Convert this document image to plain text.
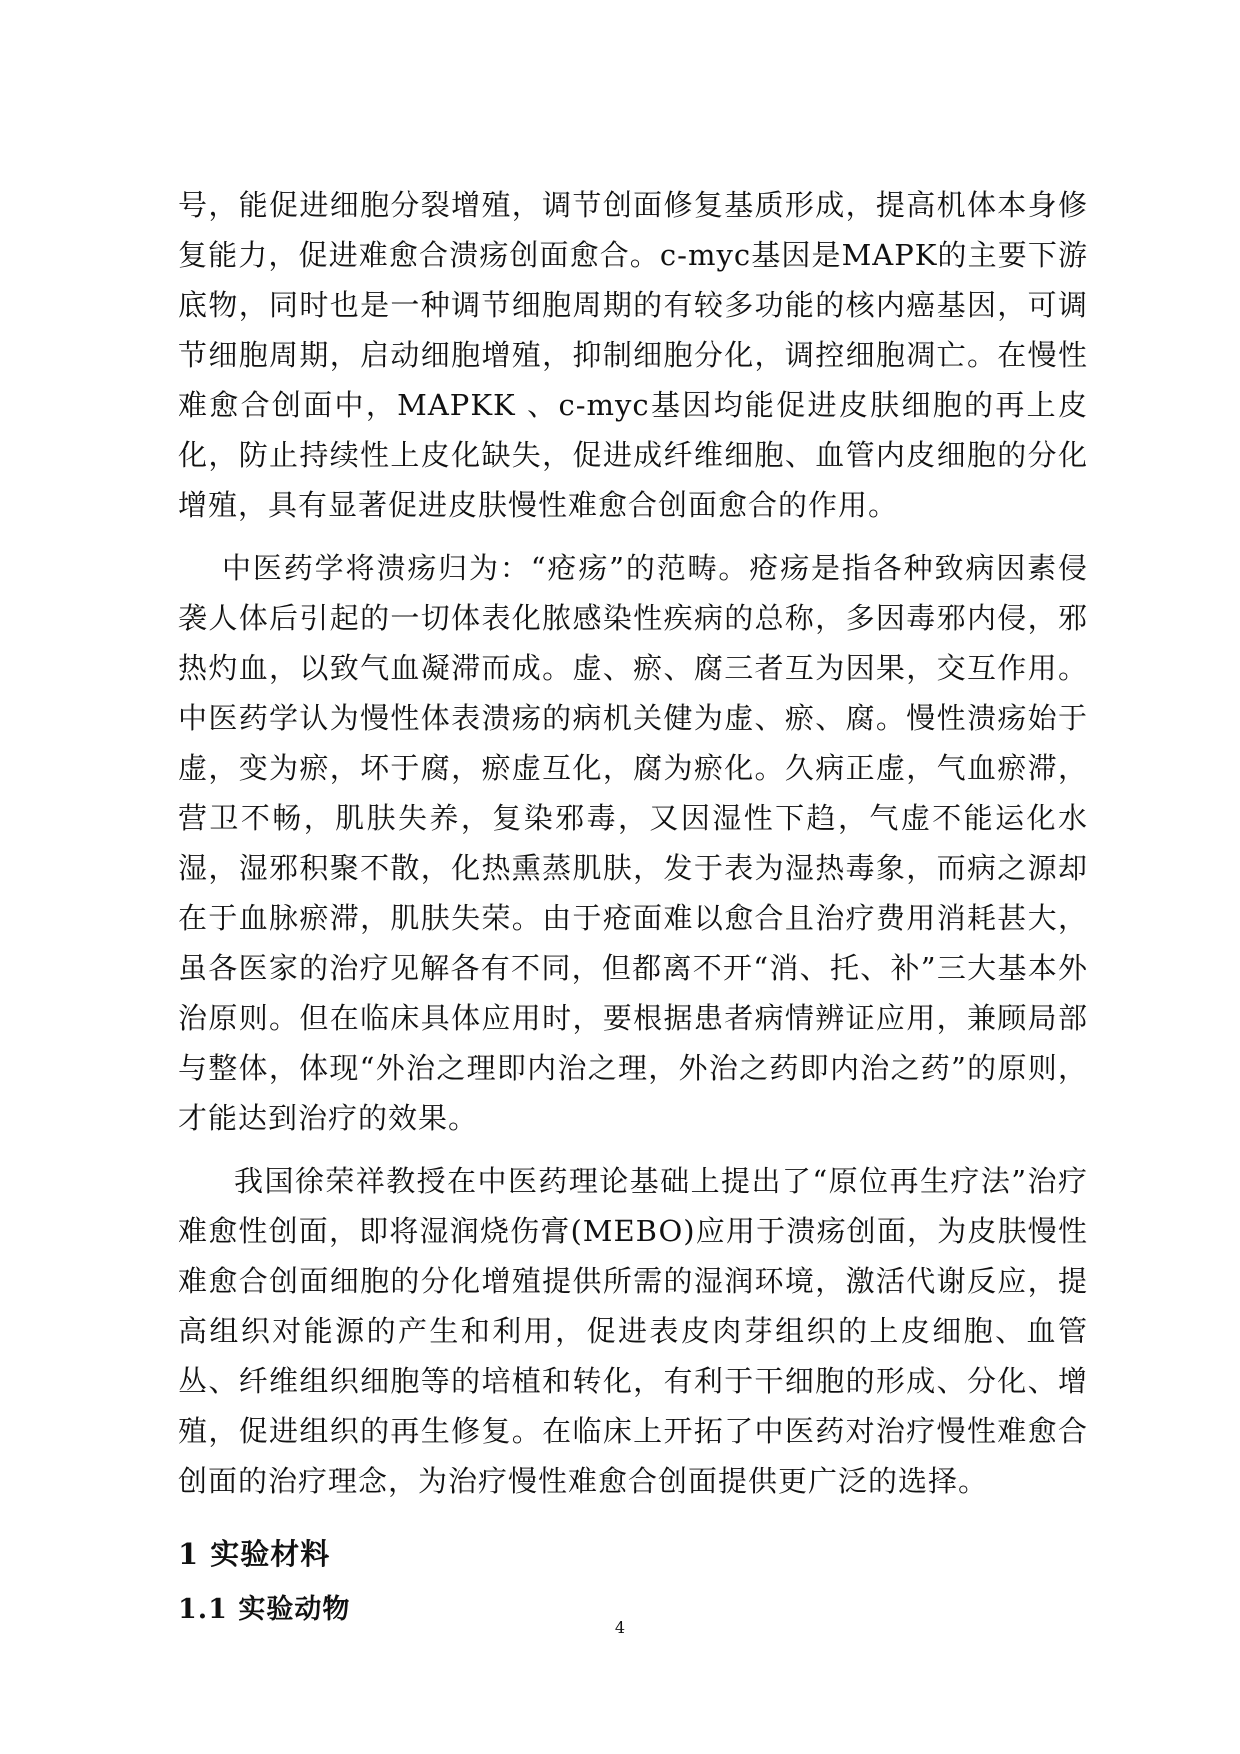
号，能促进细胞分裂增殖，调节创面修复基质形成，提高机体本身修复能力，促进难愈合溃疡创面愈合。c-myc基因是MAPK的主要下游底物，同时也是一种调节细胞周期的有较多功能的核内癌基因，可调节细胞周期，启动细胞增殖，抑制细胞分化，调控细胞凋亡。在慢性难愈合创面中，MAPKK 、c-myc基因均能促进皮肤细胞的再上皮化，防止持续性上皮化缺失，促进成纤维细胞、血管内皮细胞的分化增殖，具有显著促进皮肤慢性难愈合创面愈合的作用。

中医药学将溃疡归为：“疮疡”的范畴。疮疡是指各种致病因素侵袭人体后引起的一切体表化脓感染性疾病的总称，多因毒邪内侵，邪热灼血，以致气血凝滞而成。虚、瘀、腐三者互为因果，交互作用。中医药学认为慢性体表溃疡的病机关健为虚、瘀、腐。慢性溃疡始于虚，变为瘀，坏于腐，瘀虚互化，腐为瘀化。久病正虚，气血瘀滞，营卫不畅，肌肤失养，复染邪毒，又因湿性下趋，气虚不能运化水湿，湿邪积聚不散，化热熏蒸肌肤，发于表为湿热毒象，而病之源却在于血脉瘀滞，肌肤失荣。由于疮面难以愈合且治疗费用消耗甚大，虽各医家的治疗见解各有不同，但都离不开“消、托、补”三大基本外治原则。但在临床具体应用时，要根据患者病情辨证应用，兼顾局部与整体，体现“外治之理即内治之理，外治之药即内治之药”的原则，才能达到治疗的效果。

我国徐荣祥教授在中医药理论基础上提出了“原位再生疗法”治疗难愈性创面，即将湿润烧伤膏(MEBO)应用于溃疡创面，为皮肤慢性难愈合创面细胞的分化增殖提供所需的湿润环境，激活代谢反应，提高组织对能源的产生和利用，促进表皮肉芽组织的上皮细胞、血管丛、纤维组织细胞等的培植和转化，有利于干细胞的形成、分化、增殖，促进组织的再生修复。在临床上开拓了中医药对治疗慢性难愈合创面的治疗理念，为治疗慢性难愈合创面提供更广泛的选择。

1 实验材料
1.1 实验动物
4
